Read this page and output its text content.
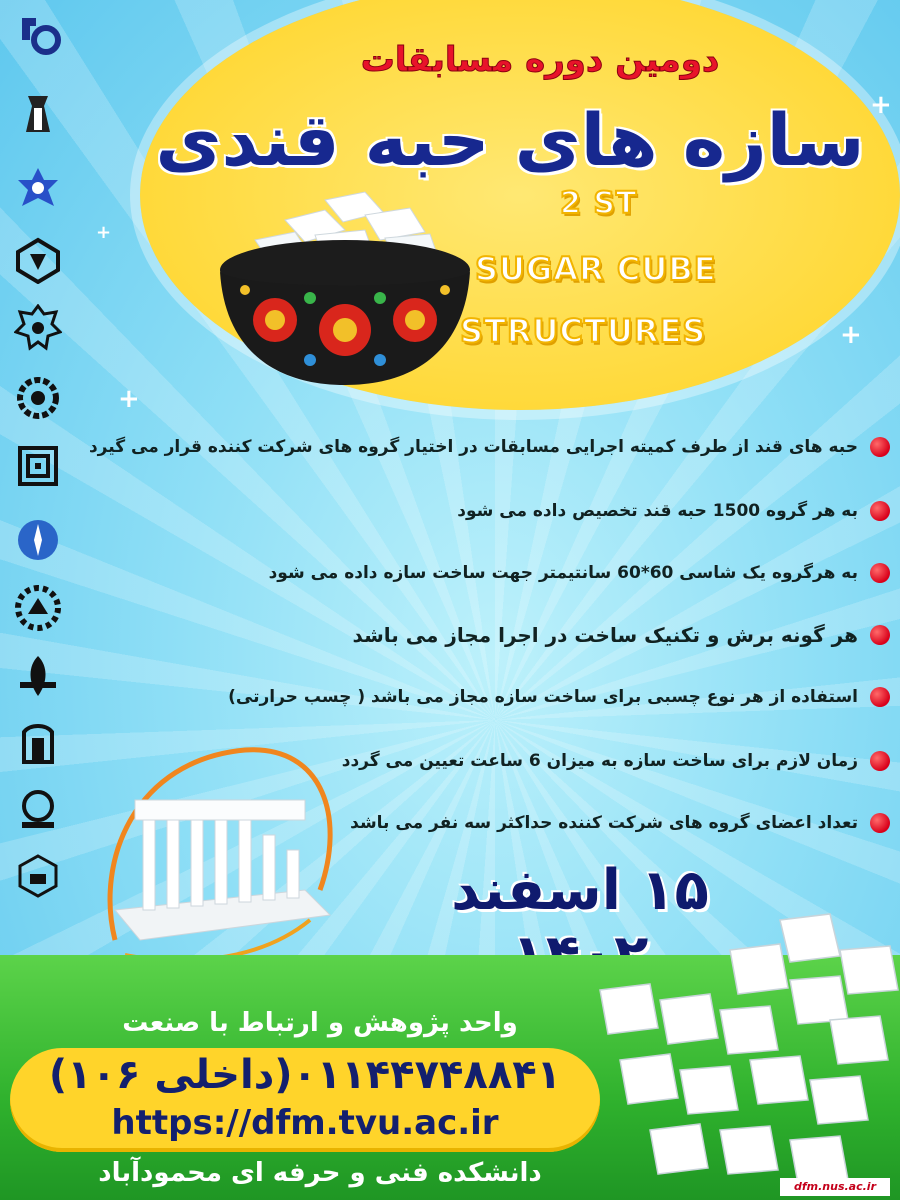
+
+
+
+
دومین دوره مسابقات
سازه های حبه قندی
2 ST
SUGAR CUBE
STRUCTURES
حبه های قند از طرف کمیته اجرایی مسابقات در اختیار گروه های شرکت کننده قرار می گیرد
به هر گروه 1500 حبه قند تخصیص داده می شود
به هرگروه یک شاسی 60*60 سانتیمتر جهت ساخت سازه داده می شود
هر گونه برش و تکنیک ساخت در اجرا مجاز می باشد
استفاده از هر نوع چسبی برای ساخت سازه مجاز می باشد ( چسب حرارتی)
زمان لازم برای ساخت سازه به میزان 6 ساعت تعیین می گردد
تعداد اعضای گروه های شرکت کننده حداکثر سه نفر می باشد
۱۵ اسفند
واحد پژوهش و ارتباط با صنعت
۰۱۱۴۴۷۴۸۸۴۱(داخلی ۱۰۶)
https://dfm.tvu.ac.ir
دانشکده فنی و حرفه ای محمودآباد	dfm.nus.ac.ir
